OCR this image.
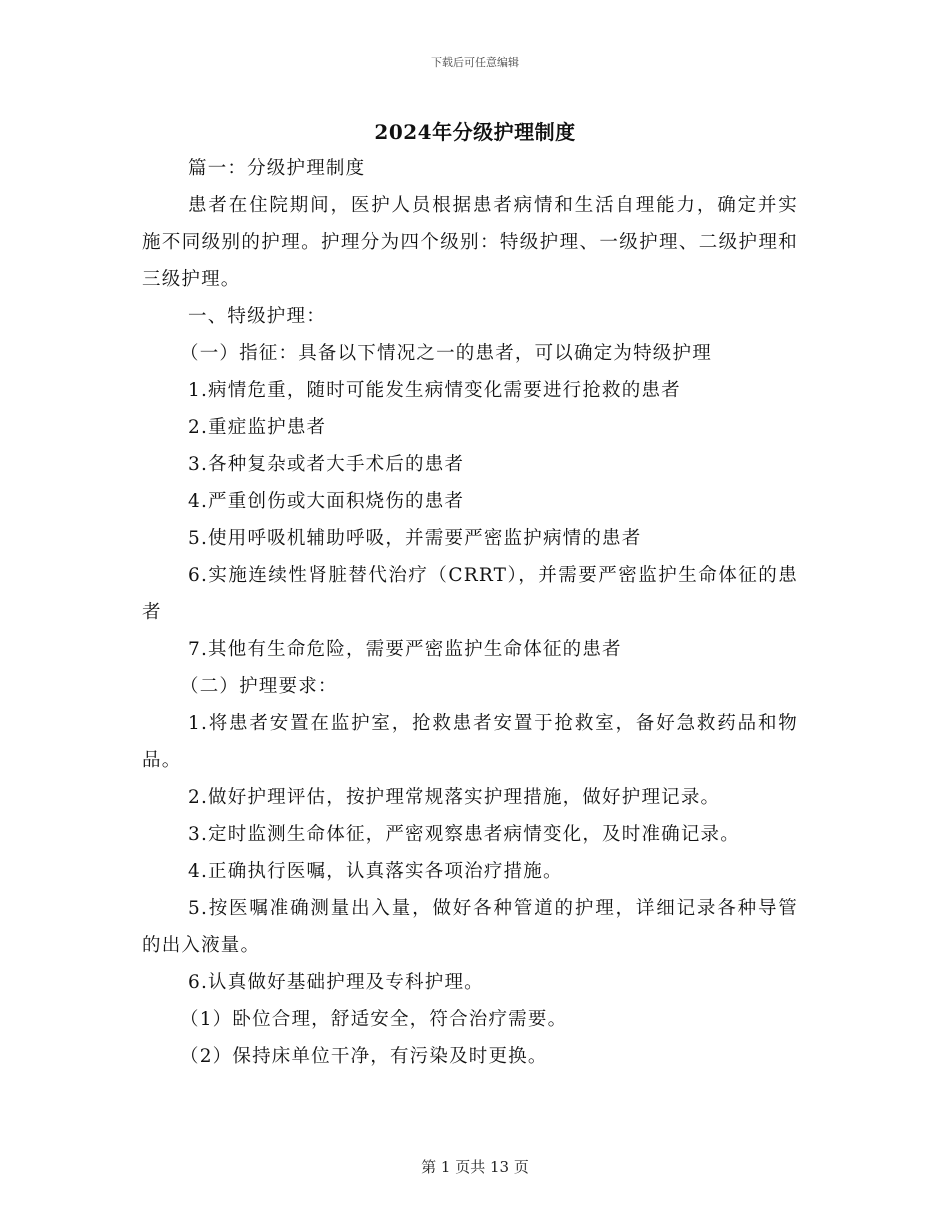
下载后可任意编辑
2024年分级护理制度

篇一：分级护理制度

患者在住院期间，医护人员根据患者病情和生活自理能力，确定并实施不同级别的护理。护理分为四个级别：特级护理、一级护理、二级护理和三级护理。

一、特级护理：

（一）指征：具备以下情况之一的患者，可以确定为特级护理

1.病情危重，随时可能发生病情变化需要进行抢救的患者

2.重症监护患者

3.各种复杂或者大手术后的患者

4.严重创伤或大面积烧伤的患者

5.使用呼吸机辅助呼吸，并需要严密监护病情的患者

6.实施连续性肾脏替代治疗（CRRT），并需要严密监护生命体征的患者

7.其他有生命危险，需要严密监护生命体征的患者

（二）护理要求：

1.将患者安置在监护室，抢救患者安置于抢救室，备好急救药品和物品。

2.做好护理评估，按护理常规落实护理措施，做好护理记录。

3.定时监测生命体征，严密观察患者病情变化，及时准确记录。

4.正确执行医嘱，认真落实各项治疗措施。

5.按医嘱准确测量出入量，做好各种管道的护理，详细记录各种导管的出入液量。

6.认真做好基础护理及专科护理。

（1）卧位合理，舒适安全，符合治疗需要。

（2）保持床单位干净，有污染及时更换。

第 1 页共 13 页
